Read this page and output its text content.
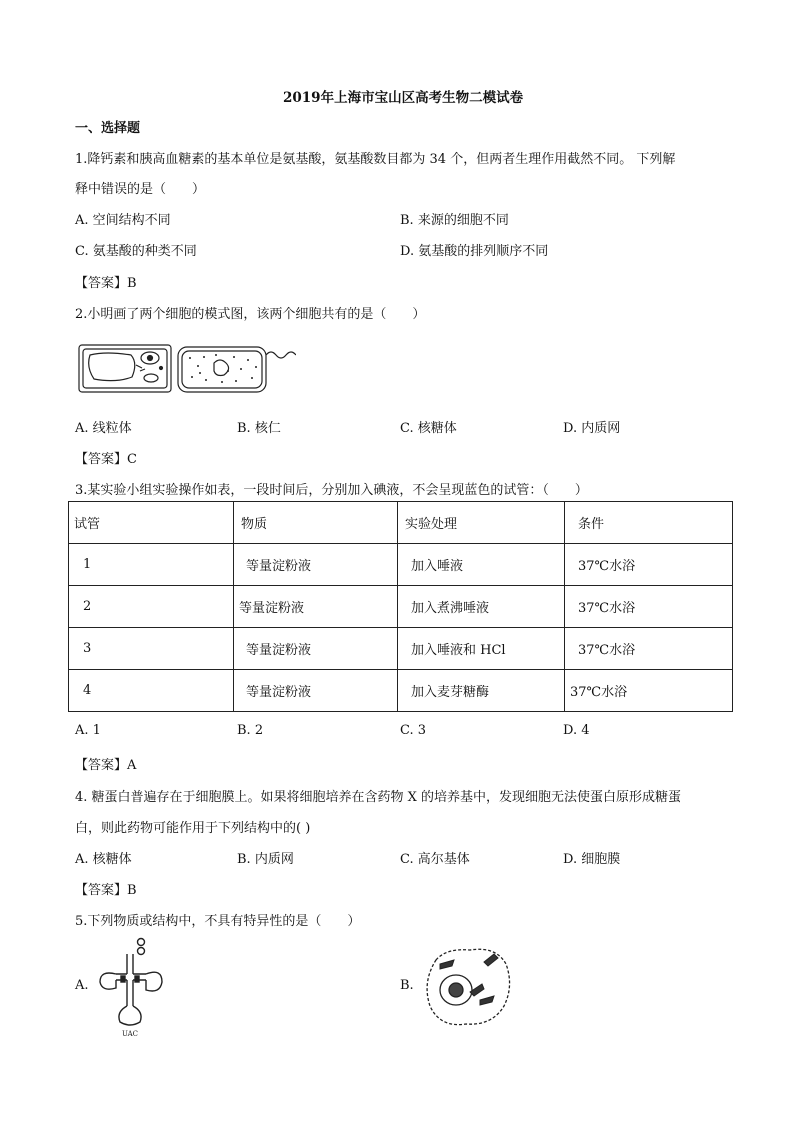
2019年上海市宝山区高考生物二模试卷
一、选择题
1.降钙素和胰高血糖素的基本单位是氨基酸，氨基酸数目都为 34 个，但两者生理作用截然不同。 下列解
释中错误的是（　　）
A. 空间结构不同	B. 来源的细胞不同
C. 氨基酸的种类不同	D. 氨基酸的排列顺序不同
【答案】B
2.小明画了两个细胞的模式图，该两个细胞共有的是（　　）
A. 线粒体	B. 核仁	C. 核糖体	D. 内质网
【答案】C
3.某实验小组实验操作如表，一段时间后，分别加入碘液，不会呈现蓝色的试管：（　　）
试管	物质	实验处理	条件
1	等量淀粉液	加入唾液	37℃水浴
2	等量淀粉液	加入煮沸唾液	37℃水浴
3	等量淀粉液	加入唾液和 HCl	37℃水浴
4	等量淀粉液	加入麦芽糖酶	37℃水浴
A. 1	B. 2	C. 3	D. 4
【答案】A
4. 糖蛋白普遍存在于细胞膜上。如果将细胞培养在含药物 X 的培养基中，发现细胞无法使蛋白原形成糖蛋
白，则此药物可能作用于下列结构中的( )
A. 核糖体	B. 内质网	C. 高尔基体	D. 细胞膜
【答案】B
5.下列物质或结构中，不具有特异性的是（　　）
A.
UAC
B.
